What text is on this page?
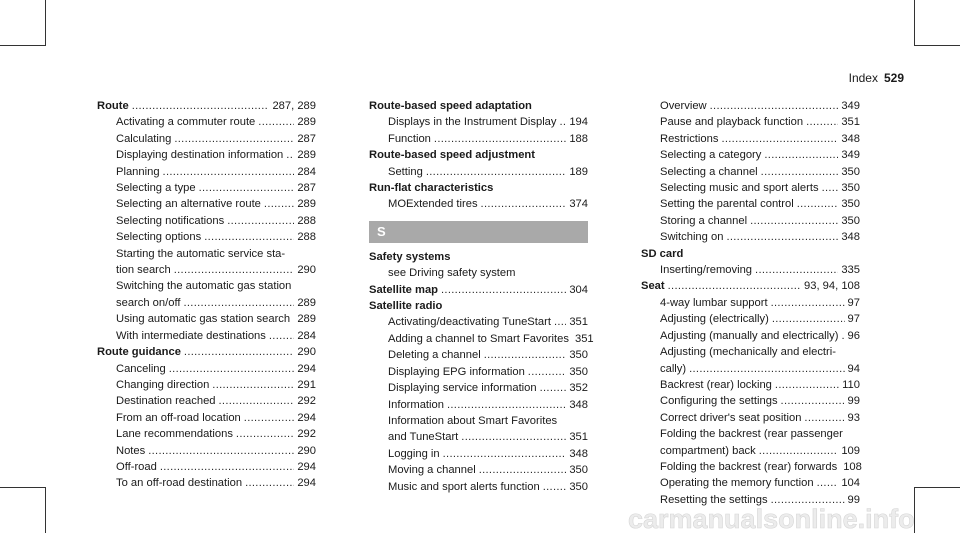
Index 529
Route .....	287, 289
Activating a commuter route .....	289
Calculating .....	287
Displaying destination information ..... 289
Planning .....	284
Selecting a type .....	287
Selecting an alternative route .....	289
Selecting notifications .....	288
Selecting options .....	288
Starting the automatic service sta-
tion search .....	290
Switching the automatic gas station
search on/off .....	289
Using automatic gas station search ..... 289
With intermediate destinations .....	284
Route guidance .....	290
Canceling .....	294
Changing direction .....	291
Destination reached .....	292
From an off-road location .....	294
Lane recommendations .....	292
Notes .....	290
Off-road .....	294
To an off-road destination .....	294
Route-based speed adaptation
Displays in the Instrument Display ..... 194
Function .....	188
Route-based speed adjustment
Setting .....	189
Run-flat characteristics
MOExtended tires .....	374
S
Safety systems
see Driving safety system
Satellite map .....	304
Satellite radio
Activating/deactivating TuneStart ..... 351
Adding a channel to Smart Favorites 351
Deleting a channel .....	350
Displaying EPG information .....	350
Displaying service information .....	352
Information .....	348
Information about Smart Favorites
and TuneStart .....	351
Logging in .....	348
Moving a channel .....	350
Music and sport alerts function .....	350
Overview .....	349
Pause and playback function .....	351
Restrictions .....	348
Selecting a category .....	349
Selecting a channel .....	350
Selecting music and sport alerts ..... 350
Setting the parental control .....	350
Storing a channel .....	350
Switching on .....	348
SD card
Inserting/removing .....	335
Seat .....	93, 94, 108
4-way lumbar support .....	97
Adjusting (electrically) .....	97
Adjusting (manually and electrically) ..... 96
Adjusting (mechanically and electri-
cally) .....	94
Backrest (rear) locking .....	110
Configuring the settings .....	99
Correct driver's seat position .....	93
Folding the backrest (rear passenger
compartment) back .....	109
Folding the backrest (rear) forwards 108
Operating the memory function ..... 104
Resetting the settings .....	99
carmanualsonline.info
